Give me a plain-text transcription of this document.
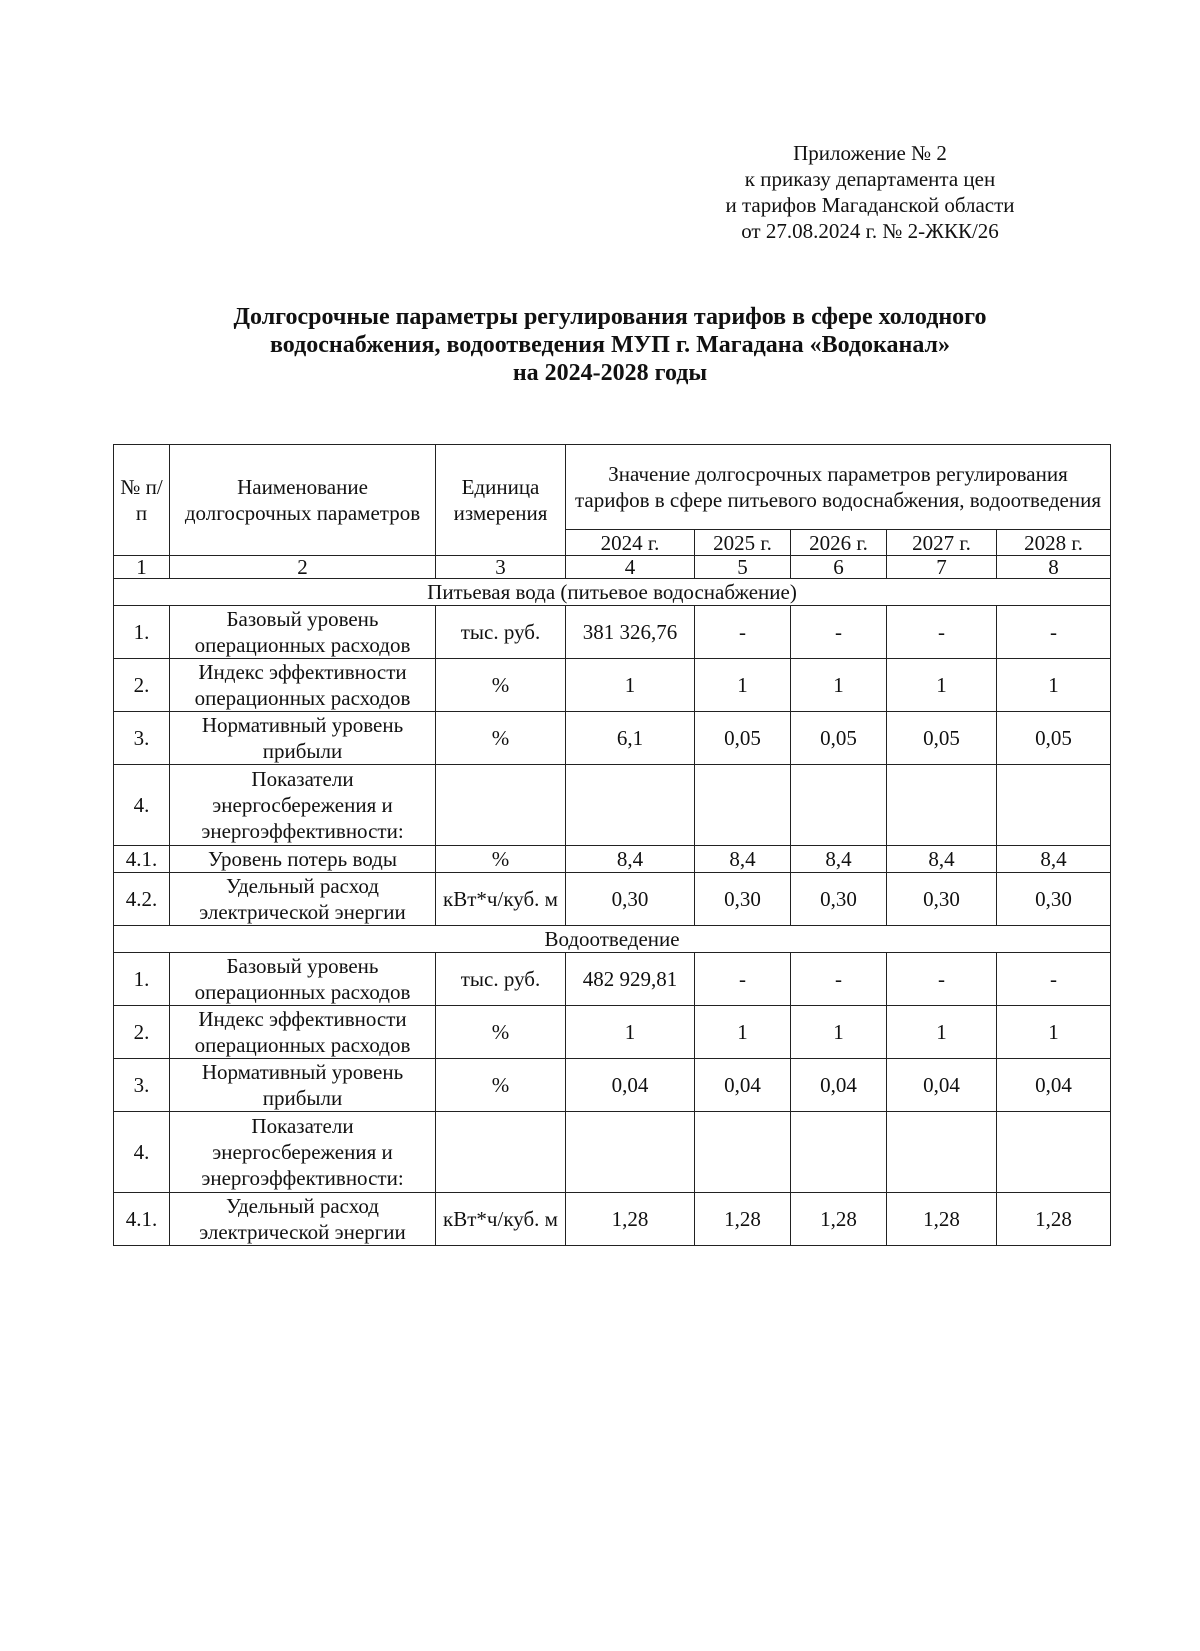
Приложение № 2
к приказу департамента цен
и тарифов Магаданской области
от 27.08.2024 г. № 2-ЖКК/26
Долгосрочные параметры регулирования тарифов в сфере холодного
водоснабжения, водоотведения МУП г. Магадана «Водоканал»
на 2024-2028 годы
№ п/п	Наименование долгосрочных параметров	Единица измерения	Значение долгосрочных параметров регулирования тарифов в сфере питьевого водоснабжения, водоотведения				
			2024 г.	2025 г.	2026 г.	2027 г.	2028 г.
1	2	3	4	5	6	7	8
Питьевая вода (питьевое водоснабжение)							
1.	Базовый уровень операционных расходов	тыс. руб.	381 326,76	-	-	-	-
2.	Индекс эффективности операционных расходов	%	1	1	1	1	1
3.	Нормативный уровень прибыли	%	6,1	0,05	0,05	0,05	0,05
4.	Показатели энергосбережения и энергоэффективности:						
4.1.	Уровень потерь воды	%	8,4	8,4	8,4	8,4	8,4
4.2.	Удельный расход электрической энергии	кВт*ч/куб. м	0,30	0,30	0,30	0,30	0,30
Водоотведение							
1.	Базовый уровень операционных расходов	тыс. руб.	482 929,81	-	-	-	-
2.	Индекс эффективности операционных расходов	%	1	1	1	1	1
3.	Нормативный уровень прибыли	%	0,04	0,04	0,04	0,04	0,04
4.	Показатели энергосбережения и энергоэффективности:						
4.1.	Удельный расход электрической энергии	кВт*ч/куб. м	1,28	1,28	1,28	1,28	1,28
